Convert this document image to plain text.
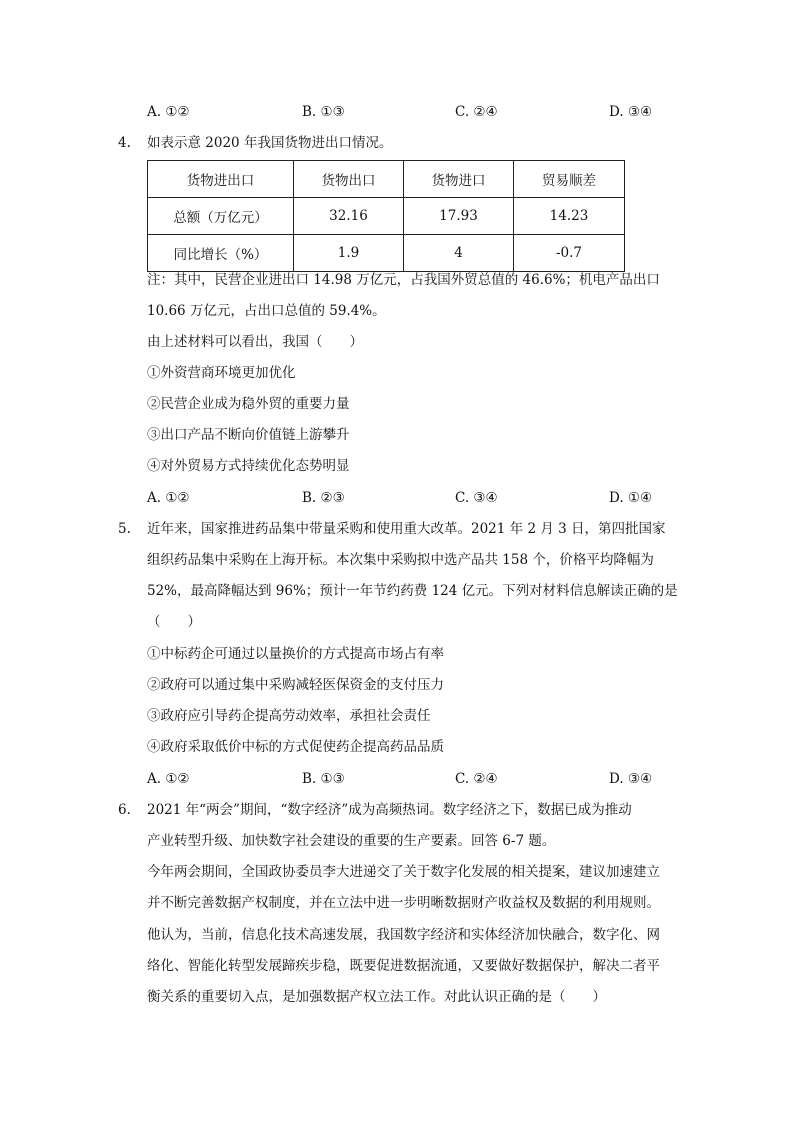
A. ①②	B. ①③	C. ②④	D. ③④
4. 如表示意 2020 年我国货物进出口情况。
货物进出口	货物出口	货物进口	贸易顺差
总额（万亿元）	32.16	17.93	14.23
同比增长（%）	1.9	4	-0.7
注：其中，民营企业进出口 14.98 万亿元，占我国外贸总值的 46.6%；机电产品出口
10.66 万亿元，占出口总值的 59.4%。
由上述材料可以看出，我国（　　）
①外资营商环境更加优化
②民营企业成为稳外贸的重要力量
③出口产品不断向价值链上游攀升
④对外贸易方式持续优化态势明显
A. ①②	B. ②③	C. ③④	D. ①④
5. 近年来，国家推进药品集中带量采购和使用重大改革。2021 年 2 月 3 日，第四批国家
组织药品集中采购在上海开标。本次集中采购拟中选产品共 158 个，价格平均降幅为
52%，最高降幅达到 96%；预计一年节约药费 124 亿元。下列对材料信息解读正确的是
（　　）
①中标药企可通过以量换价的方式提高市场占有率
②政府可以通过集中采购减轻医保资金的支付压力
③政府应引导药企提高劳动效率，承担社会责任
④政府采取低价中标的方式促使药企提高药品品质
A. ①②	B. ①③	C. ②④	D. ③④
6. 2021 年“两会”期间，“数字经济”成为高频热词。数字经济之下，数据已成为推动
产业转型升级、加快数字社会建设的重要的生产要素。回答 6-7 题。
今年两会期间，全国政协委员李大进递交了关于数字化发展的相关提案，建议加速建立
并不断完善数据产权制度，并在立法中进一步明晰数据财产收益权及数据的利用规则。
他认为，当前，信息化技术高速发展，我国数字经济和实体经济加快融合，数字化、网
络化、智能化转型发展蹄疾步稳，既要促进数据流通，又要做好数据保护，解决二者平
衡关系的重要切入点，是加强数据产权立法工作。对此认识正确的是（　　）
